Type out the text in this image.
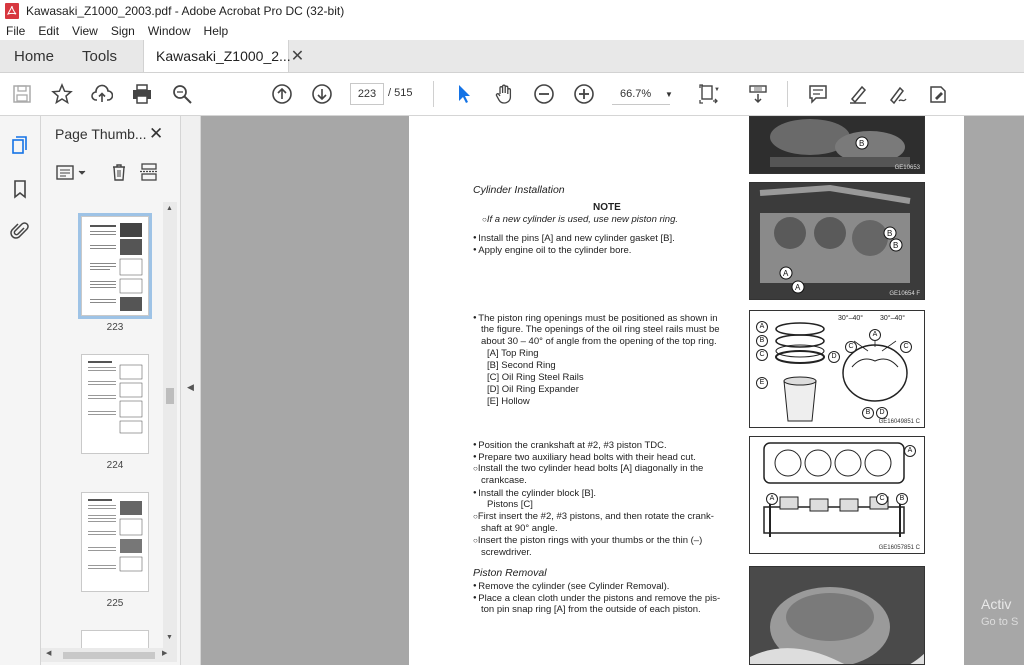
Kawasaki_Z1000_2003.pdf - Adobe Acrobat Pro DC (32-bit)
File Edit View Sign Window Help
Home	Tools	Kawasaki_Z1000_2... ✕
223	/ 515	66.7%	▼	▼
Page Thumb... ✕
223
224
225
▲
▼
◀	▶
◀
B
GE10653
Cylinder Installation
NOTE
○ If a new cylinder is used, use new piston ring.
● Install the pins [A] and new cylinder gasket [B].
● Apply engine oil to the cylinder bore.
B
B
A
A
GE10654 F
● The piston ring openings must be positioned as shown in
the figure. The openings of the oil ring steel rails must be
about 30 – 40° of angle from the opening of the top ring.
[A] Top Ring
[B] Second Ring
[C] Oil Ring Steel Rails
[D] Oil Ring Expander
[E] Hollow
30°–40° 30°–40°
A
B
C	D
E
A
C	C
B	D
GE16049851 C
● Position the crankshaft at #2, #3 piston TDC.
● Prepare two auxiliary head bolts with their head cut.
○ Install the two cylinder head bolts [A] diagonally in the
crankcase.
● Install the cylinder block [B].
Pistons [C]
○ First insert the #2, #3 pistons, and then rotate the crank-
shaft at 90° angle.
○ Insert the piston rings with your thumbs or the thin (–)
screwdriver.
A
A	C	B
GE16057851 C
Piston Removal
● Remove the cylinder (see Cylinder Removal).
● Place a clean cloth under the pistons and remove the pis-
ton pin snap ring [A] from the outside of each piston.	Activ
Go to S
